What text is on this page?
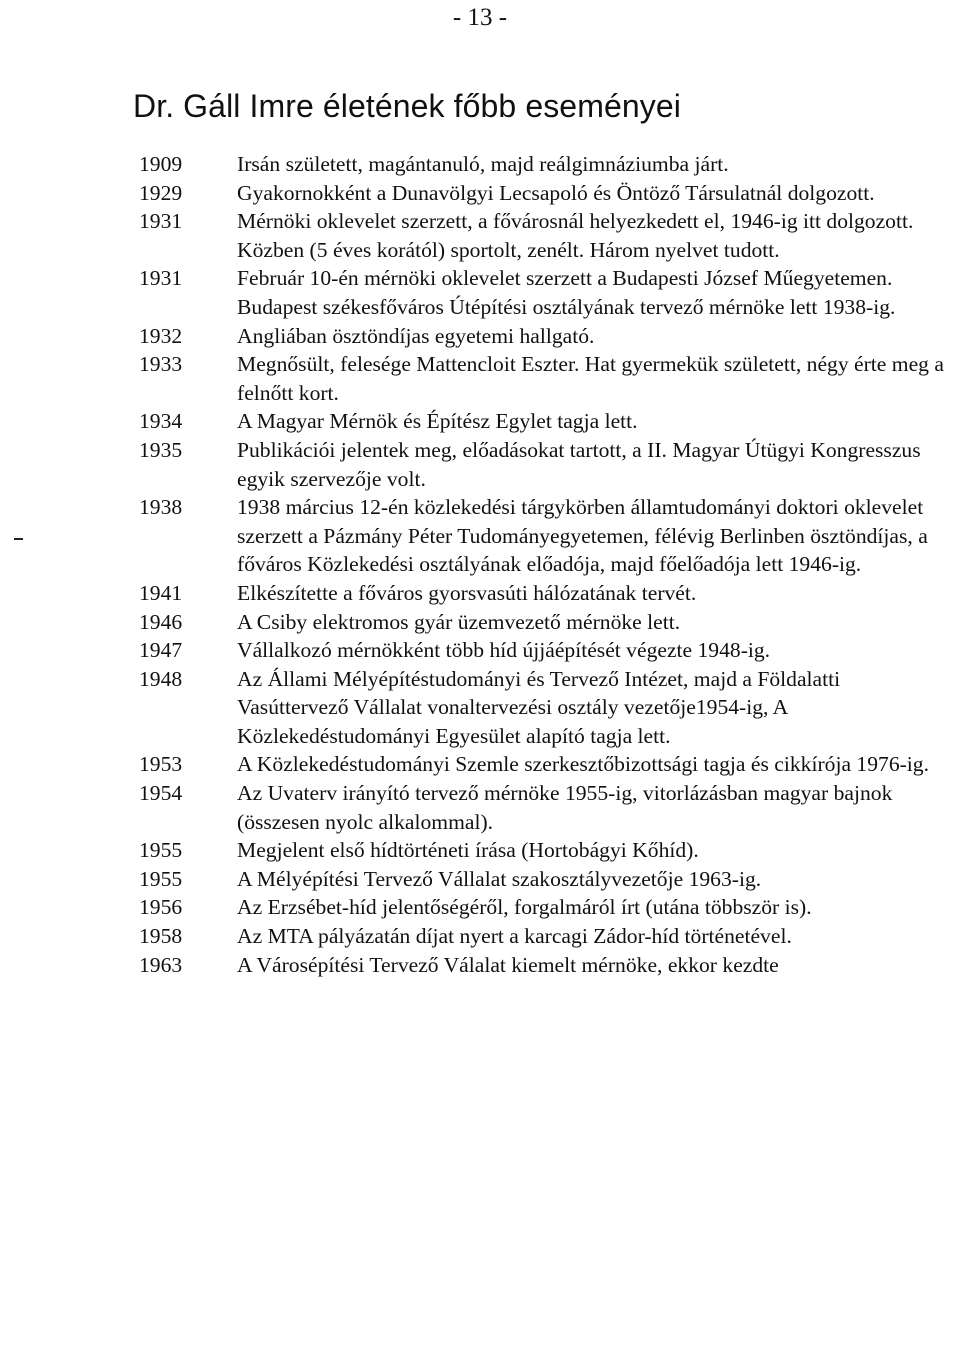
- 13 -
Dr. Gáll Imre életének főbb eseményei
1909	Irsán született, magántanuló, majd reálgimnáziumba járt.
1929	Gyakornokként a Dunavölgyi Lecsapoló és Öntöző Társulatnál dolgozott.
1931	Mérnöki oklevelet szerzett, a fővárosnál helyezkedett el, 1946-ig itt dolgozott. Közben (5 éves korától) sportolt, zenélt. Három nyelvet tudott.
1931	Február 10-én mérnöki oklevelet szerzett a Budapesti József Műegyetemen.
Budapest székesfőváros Útépítési osztályának tervező mérnöke lett 1938-ig.
1932	Angliában ösztöndíjas egyetemi hallgató.
1933	Megnősült, felesége Mattencloit Eszter. Hat gyermekük született, négy érte meg a felnőtt kort.
1934	A Magyar Mérnök és Építész Egylet tagja lett.
1935	Publikációi jelentek meg, előadásokat tartott, a II. Magyar Útügyi Kongresszus egyik szervezője volt.
1938	1938 március 12-én közlekedési tárgykörben államtudományi doktori oklevelet szerzett a Pázmány Péter Tudományegyetemen, félévig Berlinben ösztöndíjas, a főváros Közlekedési osztályának előadója, majd főelőadója lett 1946-ig.
1941	Elkészítette a főváros gyorsvasúti hálózatának tervét.
1946	A Csiby elektromos gyár üzemvezető mérnöke lett.
1947	Vállalkozó mérnökként több híd újjáépítését végezte 1948-ig.
1948	Az Állami Mélyépítéstudományi és Tervező Intézet, majd a Földalatti Vasúttervező Vállalat vonaltervezési osztály vezetője1954-ig, A Közlekedéstudományi Egyesület alapító tagja lett.
1953	A Közlekedéstudományi Szemle szerkesztőbizottsági tagja és cikkírója 1976-ig.
1954	Az Uvaterv irányító tervező mérnöke 1955-ig, vitorlázásban magyar bajnok (összesen nyolc alkalommal).
1955	Megjelent első hídtörténeti írása (Hortobágyi Kőhíd).
1955	A Mélyépítési Tervező Vállalat szakosztályvezetője 1963-ig.
1956	Az Erzsébet-híd jelentőségéről, forgalmáról írt (utána többször is).
1958	Az MTA pályázatán díjat nyert a karcagi Zádor-híd történetével.
1963	A Városépítési Tervező Válalat kiemelt mérnöke, ekkor kezdte
